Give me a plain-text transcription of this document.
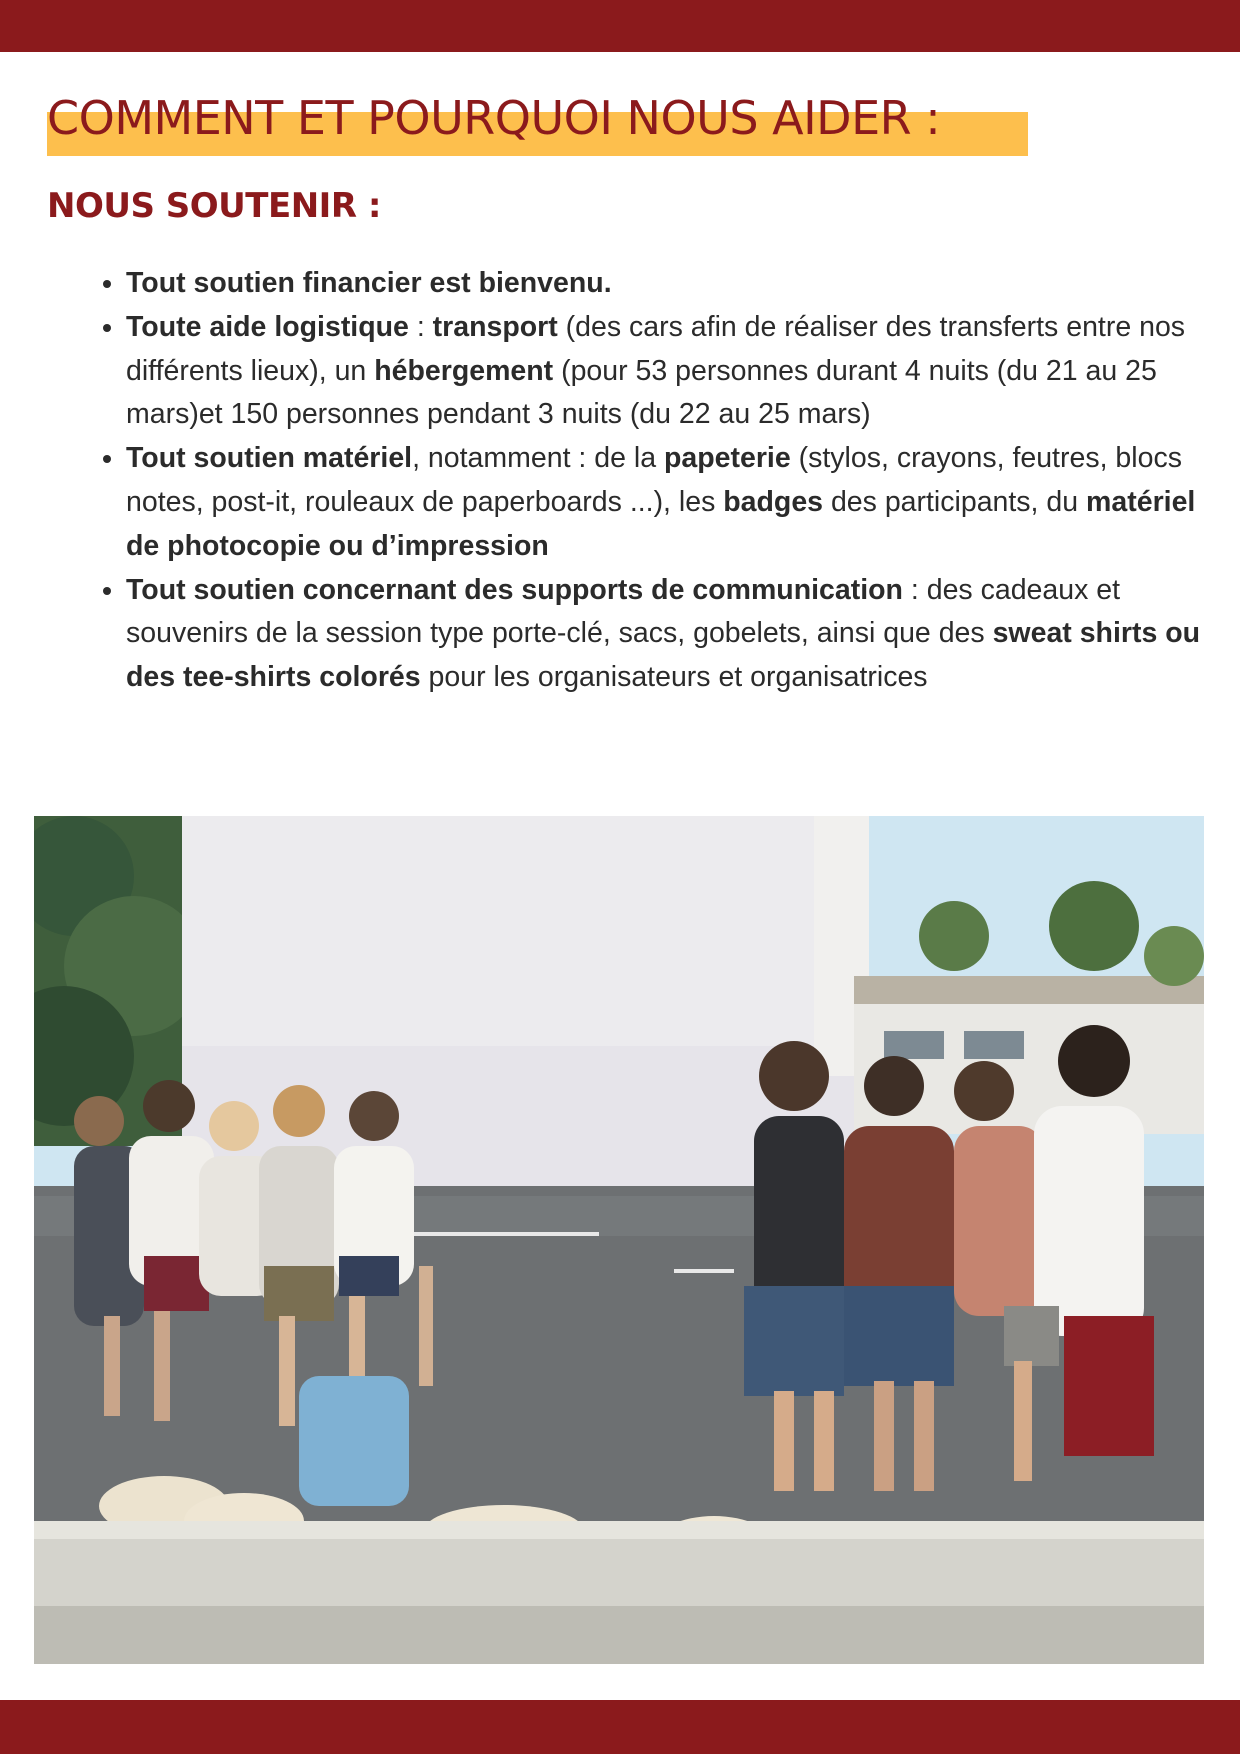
COMMENT ET POURQUOI NOUS AIDER :
NOUS SOUTENIR :
• Tout soutien financier est bienvenu.
• Toute aide logistique : transport (des cars afin de réaliser des transferts entre nos différents lieux), un hébergement (pour 53 personnes durant 4 nuits (du 21 au 25 mars)et 150 personnes pendant 3 nuits (du 22 au 25 mars)
• Tout soutien matériel, notamment : de la papeterie (stylos, crayons, feutres, blocs notes, post-it, rouleaux de paperboards ...), les badges des participants, du matériel de photocopie ou d’impression
• Tout soutien concernant des supports de communication : des cadeaux et souvenirs de la session type porte-clé, sacs, gobelets, ainsi que des sweat shirts ou des tee-shirts colorés pour les organisateurs et organisatrices
